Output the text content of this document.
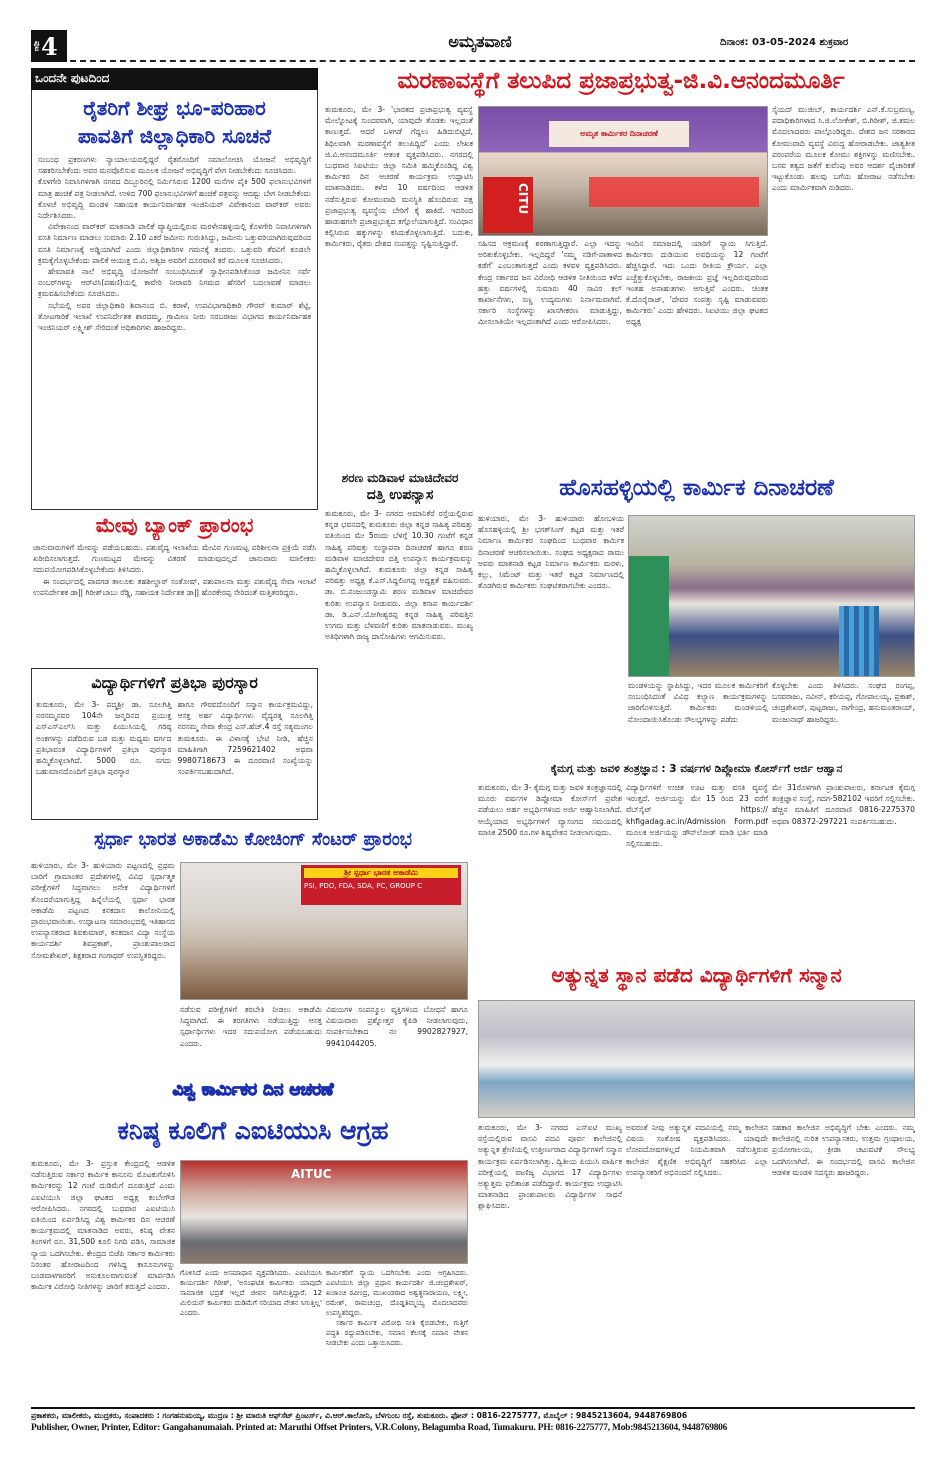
ಪುಟ 4	ಅಮೃತವಾಣಿ	ದಿನಾಂಕ: 03-05-2024 ಶುಕ್ರವಾರ
ಒಂದನೇ ಪುಟದಿಂದ
ರೈತರಿಗೆ ಶೀಘ್ರ ಭೂ-ಪರಿಹಾರ
ಪಾವತಿಗೆ ಜಿಲ್ಲಾಧಿಕಾರಿ ಸೂಚನೆ
ಸಂಬಂಧ ಪ್ರಕರಣಗಳು ನ್ಯಾಯಾಲಯದಲ್ಲಿದ್ದರೆ ರೈತರೊಂದಿಗೆ ಸಮಾಲೋಚಿಸಿ ಯೋಜನೆ ಅಭಿವೃದ್ಧಿಗೆ ಸಹಕರಿಸಬೇಕೆಂದು ಅವರ ಮನವೊಲಿಸುವ ಮೂಲಕ ಯೋಜನೆ ಅಭಿವೃದ್ಧಿಗೆ ವೇಗ ನೀಡಬೇಕೆಂದು ಸೂಚಿಸಿದರು.
ಕೊಳಗೇರಿ ನಿವಾಸಿಗಳಿಗಾಗಿ ನಗರದ ದಿಬ್ಬೂರಿನಲ್ಲಿ ನಿರ್ಮಿಸಿರುವ 1200 ಮನೆಗಳ ಪೈಕಿ 500 ಫಲಾನುಭವಿಗಳಿಗೆ ಮಾತ್ರ ಹಂಚಿಕೆ ಪತ್ರ ನೀಡಲಾಗಿದೆ. ಉಳಿದ 700 ಫಲಾನುಭವಿಗಳಿಗೆ ಹಂಚಿಕೆ ಪತ್ರವನ್ನು ಆದಷ್ಟು ಬೇಗ ನೀಡಬೇಕೆಂದು ಕೊಳಚೆ ಅಭಿವೃದ್ಧಿ ಮಂಡಳಿ ಸಹಾಯಕ ಕಾರ್ಯನಿರ್ವಾಹಕ ಇಂಜಿನಿಯರ್ ವಿವೇಕಾನಂದ ವಾರ್‌ಕರ್ ಅವರು ನಿರ್ದೇಶಿಸಿದರು.

ವಿವೇಕಾನಂದ ವಾರ್‌ಕರ್ ಮಾತನಾಡಿ ಪಾಲಿಕೆ ವ್ಯಾಪ್ತಿಯಲ್ಲಿರುವ ಮರಳೇನಹಳ್ಳಿಯಲ್ಲಿ ಕೊಳಗೇರಿ ನಿವಾಸಿಗಳಿಗಾಗಿ ವಸತಿ ನಿರ್ಮಾಣ ಮಾಡಲು ಸುಮಾರು 2.10 ಎಕರೆ ಜಮೀನು ಗುರುತಿಸಿದ್ದು, ಜಮೀನು ಒತ್ತುವರಿಯಾಗಿರುವುದರಿಂದ ವಸತಿ ನಿರ್ಮಾಣಕ್ಕೆ ಅಡ್ಡಿಯಾಗಿದೆ ಎಂದು ಜಿಲ್ಲಾಧಿಕಾರಿಗಳ ಗಮನಕ್ಕೆ ತಂದರು. ಒತ್ತುವರಿ ತೆರವಿಗೆ ಕೂಡಲೇ ಕ್ರಮಕೈಗೊಳ್ಳಬೇಕೆಂದು ಪಾಲಿಕೆ ಆಯುಕ್ತ ಬಿ.ವಿ. ಅಶ್ವಿಜ ಅವರಿಗೆ ದೂರವಾಣಿ ಕರೆ ಮೂಲಕ ಸೂಚಿಸಿದರು.

ಹೇಮಾವತಿ ನಾಲೆ ಅಭಿವೃದ್ಧಿ ಯೋಜನೆಗೆ ಸಂಬಂಧಿಸಿದಂತೆ ಸ್ವಾಧೀನಪಡಿಸಿಕೊಂಡ ಜಮೀನಿನ ಸರ್ವೆ ನಂಬರ್‌ಗಳನ್ನು ಆರ್‌ಟಿಸಿ(ಪಹಣಿ)ಯಲ್ಲಿ ಕಾವೇರಿ ನೀರಾವರಿ ನಿಗಮದ ಹೆಸರಿಗೆ ಬದಲಾವಣೆ ಮಾಡಲು ಕ್ರಮವಹಿಸಬೇಕೆಂದು ಸೂಚಿಸಿದರು.

ಸಭೆಯಲ್ಲಿ ಅಪರ ಜಿಲ್ಲಾಧಿಕಾರಿ ಶಿವಾನಂದ ಬಿ. ಕರಾಳೆ, ಉಪವಿಭಾಗಾಧಿಕಾರಿ ಗೌರವ್ ಕುಮಾರ್ ಶೆಟ್ಟಿ, ತೋಟಗಾರಿಕೆ ಇಲಾಖೆ ಉಪನಿರ್ದೇಶಕ ಶಾರದಮ್ಮ, ಗ್ರಾಮೀಣ ನೀರು ಸರಬರಾಜು ವಿಭಾಗದ ಕಾರ್ಯನಿರ್ವಾಹಕ ಇಂಜಿನಿಯರ್ ಲಕ್ಷ್ಮೀಶ್ ಸೇರಿದಂತೆ ಅಧಿಕಾರಿಗಳು ಹಾಜರಿದ್ದರು.

ಮೇವು ಬ್ಯಾಂಕ್ ಪ್ರಾರಂಭ
ಜಾನುವಾರುಗಳಿಗೆ ಮೇವನ್ನು ಪಡೆಯಬಹುದು. ಪಶುವೈದ್ಯ ಇಲಾಖೆಯ ಮೇವಿನ ಗುಣಮಟ್ಟ ಪರಿಶೀಲನಾ ಪ್ರಕ್ರಿಯೆ ನಡೆಸಿ ಖರೀದಿಸಲಾಗುತ್ತದೆ. ಗುಣಮಟ್ಟದ ಮೇವನ್ನು ವಿತರಣೆ ಮಾಡುವುದಲ್ಲದೆ ಜಾನುವಾರು ಮಾಲೀಕರು ಸದುಪಯೋಗಪಡಿಸಿಕೊಳ್ಳಬೇಕೆಂದು ತಿಳಿಸಿದರು.

ಈ ಸಂದರ್ಭದಲ್ಲಿ ಪಾವಗಡ ತಾಲೂಕು ತಹಶೀಲ್ದಾರ್ ಸಂತೋಷ್, ಪಶುಪಾಲನಾ ಮತ್ತು ಪಶುವೈದ್ಯ ಸೇವಾ ಇಲಾಖೆ ಉಪನಿರ್ದೇಶಕ ಡಾ|| ಗಿರೀಶ್‌ಬಾಬು ರೆಡ್ಡಿ, ಸಹಾಯಕ ನಿರ್ದೇಶಕ ಡಾ|| ಹೊರಕೇರಪ್ಪ ಸೇರಿದಂತೆ ಮತ್ತಿತರರಿದ್ದರು.

ವಿದ್ಯಾರ್ಥಿಗಳಿಗೆ ಪ್ರತಿಭಾ ಪುರಸ್ಕಾರ
ತುಮಕೂರು, ಮೇ 3- ಪದ್ಮಶ್ರೀ ಡಾ. ಸೂಲಗಿತ್ತಿ ನರಸಮ್ಮನವರ 104ನೇ ಜನ್ಮದಿನದ ಪ್ರಯುಕ್ತ ಎಸ್‌ಎಸ್‌ಎಲ್‌ಸಿ ಮತ್ತು ಪಿಯುಸಿಯಲ್ಲಿ ಗರಿಷ್ಠ ಅಂಕಗಳನ್ನು ಪಡೆದಿರುವ ಬಡ ಮತ್ತು ಮಧ್ಯಮ ವರ್ಗದ ಪ್ರತಿಭಾವಂತ ವಿದ್ಯಾರ್ಥಿಗಳಿಗೆ ಪ್ರತಿಭಾ ಪುರಸ್ಕಾರ ಹಮ್ಮಿಕೊಳ್ಳಲಾಗಿದೆ. 5000 ರೂ. ನಗದು ಬಹುಮಾನದೊಂದಿಗೆ ಪ್ರತಿಭಾ ಪುರಸ್ಕಾರ
ಹಾಗೂ ಗೌರವದೊಂದಿಗೆ ಸನ್ಮಾನ ಕಾರ್ಯಕ್ರಮವಿದ್ದು, ಆಸಕ್ತ ಅರ್ಹ ವಿದ್ಯಾರ್ಥಿಗಳು ವೈದ್ಯರತ್ನ ಸೂಲಗಿತ್ತಿ ನರಸಮ್ಮ ಸೇವಾ ಕೇಂದ್ರ ಎಸ್.ಹೆಚ್.4 ರಸ್ತೆ ಸತ್ಯಮಂಗಲ ತುಮಕೂರು. ಈ ವಿಳಾಸಕ್ಕೆ ಭೇಟಿ ನೀಡಿ, ಹೆಚ್ಚಿನ ಮಾಹಿತಿಗಾಗಿ 7259621402 ಅಥವಾ 9980718673 ಈ ದೂರವಾಣಿ ಸಂಖ್ಯೆಯನ್ನು ಸಂಪರ್ಕಿಸಬಹುದಾಗಿದೆ.
ಮರಣಾವಸ್ಥೆಗೆ ತಲುಪಿದ ಪ್ರಜಾಪ್ರಭುತ್ವ-ಜಿ.ವಿ.ಆನಂದಮೂರ್ತಿ
ತುಮಕೂರು, ಮೇ 3- 'ಭಾರತದ ಪ್ರಜಾಪ್ರಭುತ್ವ ವ್ಯವಸ್ಥೆ ಮೇಲ್ನೋಟಕ್ಕೆ ಸುಂದರವಾಗಿ, ಯಾವುದೇ ತೊಡಕು ಇಲ್ಲದಂತೆ ಕಾಣುತ್ತದೆ. ಆದರೆ ಒಳಗಡೆ ಗೆದ್ದಲು ಹಿಡಿದುಬಿಟ್ಟಿದೆ, ಶಿಥಿಲವಾಗಿ ಮರಣಾವಸ್ಥೆಗೆ ತಲುಪಿದ್ದಿದೆ' ಎಂದು ಲೇಖಕ ಜಿ.ವಿ.ಆನಂದಮೂರ್ತಿ ಆತಂಕ ವ್ಯಕ್ತಪಡಿಸಿದರು. ನಗರದಲ್ಲಿ ಬುಧವಾರ ಸಿಐಟಿಯು ಜಿಲ್ಲಾ ಸಮಿತಿ ಹಮ್ಮಿಕೊಂಡಿದ್ದ ವಿಶ್ವ ಕಾರ್ಮಿಕರ ದಿನ ಆಚರಣೆ ಕಾರ್ಯಕ್ರಮ ಉದ್ಘಾಟಿಸಿ ಮಾತನಾಡಿದರು. ಕಳೆದ 10 ವರ್ಷದಿಂದ ಆಡಳಿತ ನಡೆಸುತ್ತಿರುವ ಕೋಮುವಾದಿ ಮನಸ್ಥಿತಿ ಹೊಂದಿರುವ ಪಕ್ಷ ಪ್ರಜಾಪ್ರಭುತ್ವ ವ್ಯವಸ್ಥೆಯ ಬೇರಿಗೆ ಕೈ ಹಾಕಿದೆ. ಇದರಿಂದ ಹಾಡುಹಗಲೇ ಪ್ರಜಾಪ್ರಭುತ್ವದ ಕಗ್ಗೊಲೆಯಾಗುತ್ತಿದೆ. ಸಂವಿಧಾನ ಕಲ್ಪಿಸಿರುವ ಹಕ್ಕುಗಳನ್ನು ಕಸಿದುಕೊಳ್ಳಲಾಗುತ್ತಿದೆ. ಬದುಕು, ಕಾರ್ಮಿಕರು, ರೈತರು ದೇಶದ ಸಂಪತ್ತನ್ನು ಸೃಷ್ಟಿಸುತ್ತಿದ್ದಾರೆ.
ಅಮೃತ ಕಾರ್ಮಿಕರ ದಿನಾಚರಣೆ
CITU
ಸಹಿಸದ ಆಕ್ರಮಣಕ್ಕೆ ಶರಣಾಗುತ್ತಿದ್ದಾರೆ. ಎಲ್ಲಾ ಇದನ್ನು ಅರಿತುಕೊಳ್ಳಬೇಕು. ಇಲ್ಲದಿದ್ದರೆ 'ನಮ್ಮ ನಡಿಗೆ-ಪಾತಾಳದ ಕಡೆಗೆ' ಎಂಬಂತಾಗುತ್ತದೆ ಎಂದು ಕಳವಳ ವ್ಯಕ್ತಪಡಿಸಿದರು. ಕೇಂದ್ರ ಸರ್ಕಾರದ ಜನ ವಿರೋಧಿ ಆಡಳಿತ ನೀತಿಯಿಂದ ಕಳೆದ ಹತ್ತು ವರ್ಷಗಳಲ್ಲಿ ಸುಮಾರು 40 ಸಾವಿರ ಕಲ್ ಕಾರ್ಖಾನೆಗಳು, ಸಣ್ಣ ಉದ್ಯಮಗಳು ನಿರ್ನಾಮವಾಗಿವೆ. ಸರ್ಕಾರಿ ಸಂಸ್ಥೆಗಳನ್ನು ಖಾಸಗೀಕರಣ ಮಾಡುತ್ತಿದ್ದು, ಮೀಸಲಾತಿಯೇ ಇಲ್ಲದಂತಾಗಿದೆ ಎಂದು ಆರೋಪಿಸಿದರು.
ಇಂದಿನ ಸಮಾಜದಲ್ಲಿ ಯಾರಿಗೆ ನ್ಯಾಯ ಸಿಗುತ್ತಿದೆ. ಕಾರ್ಮಿಕರು ದುಡಿಯುವ ಅವಧಿಯನ್ನು 12 ಗಂಟೆಗೆ ಹೆಚ್ಚಿಸಿದ್ದಾರೆ. ಇದು ಒಂದು ರೀತಿಯ ಕ್ರೌರ್ಯ. ಎಲ್ಲಾ ಎಚ್ಚೆತ್ತುಕೊಳ್ಳಬೇಕು, ರಾಜಕೀಯ ಪ್ರಜ್ಞೆ ಇಲ್ಲದಿರುವುದರಿಂದ ಇಂತಹ ಅನಾಹುತಗಳು ಆಗುತ್ತಿವೆ ಎಂದರು. ಚಿಂತಕ ಕೆ.ದೊರೈರಾಜ್, 'ದೇವರ ಸಂಪತ್ತು ಸೃಷ್ಟಿ ಮಾಡುವವರು ಕಾರ್ಮಿಕರು' ಎಂದು ಹೇಳಿದರು. ಸಿಐಟಿಯು ಜಿಲ್ಲಾ ಘಟಕದ ಅಧ್ಯಕ್ಷ
ಸೈಯದ್ ಮುಜೀಬ್, ಕಾರ್ಯದರ್ಶಿ ಎನ್.ಕೆ.ಸುಬ್ರಮಣ್ಯ, ಪದಾಧಿಕಾರಿಗಳಾದ ಸಿ.ಜಿ.ಲೋಕೇಶ್, ಬಿ.ಗಿರೀಶ್, ಜಿ.ಕಮಲ ಮೊದಲಾದವರು ಪಾಲ್ಗೊಂಡಿದ್ದರು. ದೇಶದ ಜನ ಸರಕಾರದ ಕೋಮುವಾದಿ ವ್ಯವಸ್ಥೆ ವಿರುದ್ಧ ಹೋರಾಡಬೇಕು. ಜಾತ್ಯತೀತ ಪರಂಪರೆಯ ಮೂಲಕ ಕೋಮು ಶಕ್ತಿಗಳನ್ನು ಮಣಿಸಬೇಕು. ಬಸವ ತತ್ವದ ಜತೆಗೆ ಕುವೆಂಪು ಅವರ ಆದರ್ಶ ವೈಚಾರಿಕತೆ ಇಟ್ಟುಕೊಂಡು ಹಲವು ಬಗೆಯ ಹೋರಾಟ ನಡೆಸಬೇಕು ಎಂದು ಮಾರ್ಮಿಕವಾಗಿ ನುಡಿದರು.
ಶರಣ ಮಡಿವಾಳ ಮಾಚಿದೇವರ
ದತ್ತಿ ಉಪನ್ಯಾಸ
ತುಮಕೂರು, ಮೇ 3- ನಗರದ ಅಮಾನಿಕೆರೆ ರಸ್ತೆಯಲ್ಲಿರುವ ಕನ್ನಡ ಭವನದಲ್ಲಿ ತುಮಕೂರು ಜಿಲ್ಲಾ ಕನ್ನಡ ಸಾಹಿತ್ಯ ಪರಿಷತ್ತು ವತಿಯಿಂದ ಮೇ 5ರಂದು ಬೆಳಿಗ್ಗೆ 10.30 ಗಂಟೆಗೆ ಕನ್ನಡ ಸಾಹಿತ್ಯ ಪರಿಷತ್ತು ಸಂಸ್ಥಾಪನಾ ದಿನಾಚರಣೆ ಹಾಗೂ ಶರಣ ಮಡಿವಾಳ ಮಾಚಿದೇವರ ದತ್ತಿ ಉಪನ್ಯಾಸ ಕಾರ್ಯಕ್ರಮವನ್ನು ಹಮ್ಮಿಕೊಳ್ಳಲಾಗಿದೆ. ತುಮಕೂರು ಜಿಲ್ಲಾ ಕನ್ನಡ ಸಾಹಿತ್ಯ ಪರಿಷತ್ತು ಅಧ್ಯಕ್ಷ ಕೆ.ಎಸ್.ಸಿದ್ದಲಿಂಗಪ್ಪ ಅಧ್ಯಕ್ಷತೆ ವಹಿಸುವರು. ಡಾ. ಬಿ.ನಂಜುಂಡಸ್ವಾಮಿ ಶರಣ ಮಡಿವಾಳ ಮಾಚಿದೇವರ ಕುರಿತು ಉಪನ್ಯಾಸ ನೀಡುವರು. ಜಿಲ್ಲಾ ಕಸಾಪ ಕಾರ್ಯದರ್ಶಿ ಡಾ. ಡಿ.ಎನ್.ಯೋಗೀಶ್ವರಪ್ಪ ಕನ್ನಡ ಸಾಹಿತ್ಯ ಪರಿಷತ್ತಿನ ಉಗಮ ಮತ್ತು ಬೆಳವಣಿಗೆ ಕುರಿತು ಮಾತನಾಡುವರು. ಮುಖ್ಯ ಅತಿಥಿಗಳಾಗಿ ರಾಜ್ಯ ದಾಸೋಹಿಗಳು ಆಗಮಿಸುವರು.
ಹೊಸಹಳ್ಳಿಯಲ್ಲಿ ಕಾರ್ಮಿಕ ದಿನಾಚರಣೆ
ಹುಳಿಯಾರು, ಮೇ 3- ಹುಳಿಯಾರು ಹೋಬಳಿಯ ಹೊಸಹಳ್ಳಿಯಲ್ಲಿ ಶ್ರೀ ಭಗತ್‌ಸಿಂಗ್ ಕಟ್ಟಡ ಮತ್ತು ಇತರೆ ನಿರ್ಮಾಣ ಕಾರ್ಮಿಕರ ಸಂಘದಿಂದ ಬುಧವಾರ ಕಾರ್ಮಿಕ ದಿನಾಚರಣೆ ಆಚರಿಸಲಾಯಿತು. ಸಂಘದ ಅಧ್ಯಕ್ಷರಾದ ರಾಮು ಅವರು ಮಾತನಾಡಿ ಕಟ್ಟಡ ನಿರ್ಮಾಣ ಕಾರ್ಮಿಕರು ಮರಳು, ಕಲ್ಲು, ಸಿಮೆಂಟ್ ಮತ್ತು ಇತರೆ ಕಟ್ಟಡ ನಿರ್ಮಾಣದಲ್ಲಿ ತೊಡಗಿರುವ ಕಾರ್ಮಿಕರು ಸಂಘಟಿತರಾಗಬೇಕು ಎಂದರು.
ಮಂಡಳಿಯನ್ನು ಸ್ಥಾಪಿಸಿದ್ದು, ಇದರ ಮೂಲಕ ಕಾರ್ಮಿಕರಿಗೆ ಸಂಬಂಧಿಸಿದಂತೆ ವಿವಿಧ ಕಲ್ಯಾಣ ಕಾರ್ಯಕ್ರಮಗಳನ್ನು ಜಾರಿಗೊಳಿಸುತ್ತಿದೆ. ಕಾರ್ಮಿಕರು ಮಂಡಳಿಯಲ್ಲಿ ನೋಂದಾಯಿಸಿಕೊಂಡು ಸೌಲಭ್ಯಗಳನ್ನು ಪಡೆದು
ಕೊಳ್ಳಬೇಕು ಎಂದು ತಿಳಿಸಿದರು. ಸಂಘದ ರಂಗಪ್ಪ, ಬಸವರಾಜು, ನವೀನ್, ಕರಿಯಪ್ಪ, ಗೋಪಾಲಯ್ಯ, ಪ್ರಕಾಶ್, ಚಂದ್ರಶೇಖರ್, ಪುಟ್ಟರಾಜು, ನಾಗೇಂದ್ರ, ಹನುಮಂತರಾಯ್, ಮಂಜುನಾಥ್ ಹಾಜರಿದ್ದರು.
ಕೈಮಗ್ಗ ಮತ್ತು ಜವಳಿ ತಂತ್ರಜ್ಞಾನ : 3 ವರ್ಷಗಳ ಡಿಪ್ಲೋಮಾ ಕೋರ್ಸ್‌ಗೆ ಅರ್ಜಿ ಆಹ್ವಾನ
ತುಮಕೂರು, ಮೇ 3- ಕೈಮಗ್ಗ ಮತ್ತು ಜವಳಿ ತಂತ್ರಜ್ಞಾನದಲ್ಲಿ ಮೂರು ವರ್ಷಗಳ ಡಿಪ್ಲೋಮಾ ಕೋರ್ಸ್‌ಗೆ ಪ್ರವೇಶ ಪಡೆಯಲು ಅರ್ಹ ಅಭ್ಯರ್ಥಿಗಳಿಂದ ಅರ್ಜಿ ಆಹ್ವಾನಿಸಲಾಗಿದೆ. ಆಯ್ಕೆಯಾದ ಅಭ್ಯರ್ಥಿಗಳಿಗೆ ವ್ಯಾಸಂಗದ ಸಮಯದಲ್ಲಿ ಮಾಸಿಕ 2500 ರೂ.ಗಳ ಶಿಷ್ಯವೇತನ ನೀಡಲಾಗುವುದು.
ವಿದ್ಯಾರ್ಥಿಗಳಿಗೆ ಉಚಿತ ಊಟ ಮತ್ತು ವಸತಿ ವ್ಯವಸ್ಥೆ ಇರುತ್ತದೆ. ಅರ್ಜಿಯನ್ನು ಮೇ 15 ರಿಂದ 23 ವರೆಗೆ ವೆಬ್‌ಸೈಟ್ https:// khfigadag.ac.in/Admission Form.pdf ಮೂಲಕ ಅರ್ಜಿಯನ್ನು ಡೌನ್‌ಲೋಡ್ ಮಾಡಿ ಭರ್ತಿ ಮಾಡಿ ಸಲ್ಲಿಸಬಹುದು.
ಮೇ 31ರೊಳಗಾಗಿ ಪ್ರಾಂಶುಪಾಲರು, ಕರ್ನಾಟಕ ಕೈಮಗ್ಗ ತಂತ್ರಜ್ಞಾನ ಸಂಸ್ಥೆ, ಗದಗ-582102 ಇವರಿಗೆ ಸಲ್ಲಿಸಬೇಕು. ಹೆಚ್ಚಿನ ಮಾಹಿತಿಗೆ ದೂರವಾಣಿ 0816-2275370 ಅಥವಾ 08372-297221 ಸಂಪರ್ಕಿಸಬಹುದು.
ಸ್ಪರ್ಧಾ ಭಾರತ ಅಕಾಡೆಮಿ ಕೋಚಿಂಗ್ ಸೆಂಟರ್ ಪ್ರಾರಂಭ
ಹುಳಿಯಾರು, ಮೇ 3- ಹುಳಿಯಾರು ಪಟ್ಟಣದಲ್ಲಿ ಪ್ರಥಮ ಬಾರಿಗೆ ಗ್ರಾಮಾಂತರ ಪ್ರದೇಶಗಳಲ್ಲಿ ವಿವಿಧ ಸ್ಪರ್ಧಾತ್ಮಕ ಪರೀಕ್ಷೆಗಳಿಗೆ ಸಿದ್ಧವಾಗಲು ಅನೇಕ ವಿದ್ಯಾರ್ಥಿಗಳಿಗೆ ತೊಂದರೆಯಾಗುತ್ತಿದ್ದ ಹಿನ್ನೆಲೆಯಲ್ಲಿ ಸ್ಪರ್ಧಾ ಭಾರತ ಅಕಾಡೆಮಿ ಪಟ್ಟಣದ ಕನಕದಾಸ ಕಾಲೋನಿಯಲ್ಲಿ ಪ್ರಾರಂಭವಾಯಿತು. ಉದ್ಘಾಟನಾ ಸಮಾರಂಭದಲ್ಲಿ ಇತಿಹಾಸದ ಉಪನ್ಯಾಸಕರಾದ ಶಿವಕುಮಾರ್, ಕನಕದಾಸ ವಿದ್ಯಾ ಸಂಸ್ಥೆಯ ಕಾರ್ಯದರ್ಶಿ ಶಿವಪ್ರಕಾಶ್, ಪ್ರಾಂಶುಪಾಲರಾದ ಸೋಮಶೇಖರ್, ಶಿಕ್ಷಕರಾದ ಗಂಗಾಧರ್ ಉಪಸ್ಥಿತರಿದ್ದರು.
ಶ್ರೀ ಸ್ಪರ್ಧಾ ಭಾರತ ಅಕಾಡೆಮಿ
PSI, PDO, FDA, SDA, PC, GROUP C
ನಡೆಸುವ ಪರೀಕ್ಷೆಗಳಿಗೆ ತರಬೇತಿ ನೀಡಲು ಅಕಾಡೆಮಿ ಸಿದ್ಧವಾಗಿದೆ. ಈ ತರಗತಿಗಳು ನಡೆಯುತ್ತಿದ್ದು ಆಸಕ್ತ ಸ್ಪರ್ಧಾರ್ಥಿಗಳು ಇದರ ಸದುಪಯೋಗ ಪಡೆಯಬಹುದು ಎಂದರು.
ವಿಷಯಗಳ ಸಂಪನ್ಮೂಲ ವ್ಯಕ್ತಿಗಳಿಂದ ಬೋಧನೆ ಹಾಗೂ ವಿಷಯವಾರು ಪ್ರಶ್ನೋತ್ತರ ಕೈಪಿಡಿ ನೀಡಲಾಗುವುದು, ಸಂಪರ್ಕಿಸಬೇಕಾದ ನಂ 9902827927, 9941044205.
ಅತ್ಯುನ್ನತ ಸ್ಥಾನ ಪಡೆದ ವಿದ್ಯಾರ್ಥಿಗಳಿಗೆ ಸನ್ಮಾನ
ತುಮಕೂರು, ಮೇ 3- ನಗರದ ಎಸ್‌ಐಟಿ ಮುಖ್ಯ ರಸ್ತೆಯಲ್ಲಿರುವ ವಾಸವಿ ಪದವಿ ಪೂರ್ವ ಕಾಲೇಜಿನಲ್ಲಿ ಅತ್ಯುನ್ನತ ಶ್ರೇಣಿಯಲ್ಲಿ ಉತ್ತೀರ್ಣರಾದ ವಿದ್ಯಾರ್ಥಿಗಳಿಗೆ ಸನ್ಮಾನ ಕಾರ್ಯಕ್ರಮ ಏರ್ಪಡಿಸಲಾಗಿತ್ತು. ದ್ವಿತೀಯ ಪಿಯುಸಿ ವಾರ್ಷಿಕ ಪರೀಕ್ಷೆಯಲ್ಲಿ ವಾಣಿಜ್ಯ ವಿಭಾಗದ 17 ವಿದ್ಯಾರ್ಥಿಗಳು ಅತ್ಯುತ್ತಮ ಫಲಿತಾಂಶ ಪಡೆದಿದ್ದಾರೆ. ಕಾರ್ಯಕ್ರಮ ಉದ್ಘಾಟಿಸಿ ಮಾತನಾಡಿದ ಪ್ರಾಂಶುಪಾಲರು ವಿದ್ಯಾರ್ಥಿಗಳ ಸಾಧನೆ ಶ್ಲಾಘಿಸಿದರು.
ಅವರಂತೆ ನೀವು ಅತ್ಯುನ್ನತ ಪದವಿಯಲ್ಲಿ ನಮ್ಮ ಕಾಲೇಜಿನ ವಿಷಯ ಸಂತೋಷ ವ್ಯಕ್ತಪಡಿಸಿದರು. ಯಾವುದೇ ಲೋಪದೋಷಗಳಿಲ್ಲದೆ ನಿಯಮಿತವಾಗಿ ನಡೆಸುತ್ತಿರುವ ಕಾಲೇಜಿನ ಶೈಕ್ಷಣಿಕ ಅಭಿವೃದ್ಧಿಗೆ ಸಹಕರಿಸಿದ ಎಲ್ಲಾ ಉಪನ್ಯಾಸಕರಿಗೆ ಅಭಿನಂದನೆ ಸಲ್ಲಿಸಿದರು.
ಸಹಕಾರ ಕಾಲೇಜಿನ ಅಭಿವೃದ್ಧಿಗೆ ಬೇಕು ಎಂದರು. ನಮ್ಮ ಕಾಲೇಜಿನಲ್ಲಿ ನುರಿತ ಉಪನ್ಯಾಸಕರು, ಉತ್ತಮ ಗ್ರಂಥಾಲಯ, ಪ್ರಯೋಗಾಲಯ, ಕ್ರೀಡಾ ಚಟುವಟಿಕೆ ಸೌಲಭ್ಯ ಒದಗಿಸಲಾಗಿದೆ. ಈ ಸಂದರ್ಭದಲ್ಲಿ ವಾಸವಿ ಕಾಲೇಜಿನ ಆಡಳಿತ ಮಂಡಳಿ ಸದಸ್ಯರು ಹಾಜರಿದ್ದರು.
ವಿಶ್ವ ಕಾರ್ಮಿಕರ ದಿನ ಆಚರಣೆ
ಕನಿಷ್ಠ ಕೂಲಿಗೆ ಎಐಟಿಯುಸಿ ಆಗ್ರಹ
ತುಮಕೂರು, ಮೇ 3- ಪ್ರಸ್ತುತ ಕೇಂದ್ರದಲ್ಲಿ ಆಡಳಿತ ನಡೆಸುತ್ತಿರುವ ಸರ್ಕಾರ ಕಾರ್ಮಿಕ ಕಾನೂನು ಮೊಟಕುಗೊಳಿಸಿ ಕಾರ್ಮಿಕರನ್ನು 12 ಗಂಟೆ ದುಡಿಮೆಗೆ ದೂಡುತ್ತಿದೆ ಎಂದು ಎಐಟಿಯುಸಿ ಜಿಲ್ಲಾ ಘಟಕದ ಅಧ್ಯಕ್ಷ ಕಂಬೇಗೌಡ ಆರೋಪಿಸಿದರು. ನಗರದಲ್ಲಿ ಬುಧವಾರ ಎಐಟಿಯುಸಿ ವತಿಯಿಂದ ಏರ್ಪಡಿಸಿದ್ದ ವಿಶ್ವ ಕಾರ್ಮಿಕರ ದಿನ ಆಚರಣೆ ಕಾರ್ಯಕ್ರಮದಲ್ಲಿ ಮಾತನಾಡಿದ ಅವರು, ಕನಿಷ್ಠ ವೇತನ ತಿಂಗಳಿಗೆ ರೂ. 31,500 ಕೂಲಿ ನಿಗದಿ ಪಡಿಸಿ, ಸಾಮಾಜಿಕ ನ್ಯಾಯ ಒದಗಿಸಬೇಕು. ಕೇಂದ್ರದ ಬಿಜೆಪಿ ಸರ್ಕಾರ ಕಾರ್ಮಿಕರು ನಿರಂತರ ಹೋರಾಟದಿಂದ ಗಳಿಸಿದ್ದ ಕಾನೂನುಗಳನ್ನು ಬಂಡವಾಳಗಾರರಿಗೆ ಅನುಕೂಲವಾಗುವಂತೆ ಮಾರ್ಪಡಿಸಿ ಕಾರ್ಮಿಕ ವಿರೋಧಿ ನೀತಿಗಳನ್ನು ಜಾರಿಗೆ ತರುತ್ತಿದೆ ಎಂದರು.
AITUC
ಗೊಳಿಸಿದೆ ಎಂದು ಅಸಮಾಧಾನ ವ್ಯಕ್ತಪಡಿಸಿದರು. ಎಐಟಿಯುಸಿ ಕಾರ್ಯದರ್ಶಿ ಗಿರೀಶ್, 'ಅಸಂಘಟಿತ ಕಾರ್ಮಿಕರು ಯಾವುದೇ ಸಾಮಾಜಿಕ ಭದ್ರತೆ ಇಲ್ಲದೆ ಜೀವನ ಸಾಗಿಸುತ್ತಿದ್ದಾರೆ. 12 ಮಿಲಿಯನ್ ಕಾರ್ಮಿಕರು ದುಡಿಮೆಗೆ ಸರಿಯಾದ ವೇತನ ಸಿಗುತ್ತಿಲ್ಲ' ಎಂದರು.
ಕಾರ್ಮಿಕರಿಗೆ ನ್ಯಾಯ ಒದಗಿಸಬೇಕು ಎಂದು ಆಗ್ರಹಿಸಿದರು. ಎಐಟಿಯುಸಿ ಜಿಲ್ಲಾ ಪ್ರಧಾನ ಕಾರ್ಯದರ್ಶಿ ಜಿ.ಚಂದ್ರಶೇಖರ್, ಖಜಾಂಚಿ ರವೀಂದ್ರ, ಮುಖಂಡರಾದ ಅಶ್ವತ್ಥನಾರಾಯಣ, ಲಕ್ಷ್ಮೀ, ರಮೇಶ್, ರಾಮಚಂದ್ರ, ದೊಡ್ಡತಿಮ್ಮಯ್ಯ ಮೊದಲಾದವರು ಉಪಸ್ಥಿತರಿದ್ದರು.

ಸರ್ಕಾರ ಕಾರ್ಮಿಕ ವಿರೋಧಿ ನೀತಿ ಕೈಬಿಡಬೇಕು, ಗುತ್ತಿಗೆ ಪದ್ಧತಿ ರದ್ದುಪಡಿಸಬೇಕು, ಸಮಾನ ಕೆಲಸಕ್ಕೆ ಸಮಾನ ವೇತನ ನೀಡಬೇಕು ಎಂದು ಒತ್ತಾಯಿಸಿದರು.

ಪ್ರಕಾಶಕರು, ಮಾಲೀಕರು, ಮುದ್ರಕರು, ಸಂಪಾದಕರು : ಗಂಗಹನುಮಯ್ಯ, ಮುದ್ರಣ : ಶ್ರೀ ಮಾರುತಿ ಆಫ್‌ಸೆಟ್ ಪ್ರಿಂಟರ್ಸ್, ವಿ.ಆರ್.ಕಾಲೋನಿ, ಬೆಳಗುಂಬ ರಸ್ತೆ, ತುಮಕೂರು. ಫೋನ್ : 0816-2275777, ಮೊಬೈಲ್ : 9845213604, 9448769806
Publisher, Owner, Printer, Editor: Gangahanumaiah. Printed at: Maruthi Offset Printers, V.R.Colony, Belagumba Road, Tumakuru. PH: 0816-2275777, Mob:9845213604, 9448769806
